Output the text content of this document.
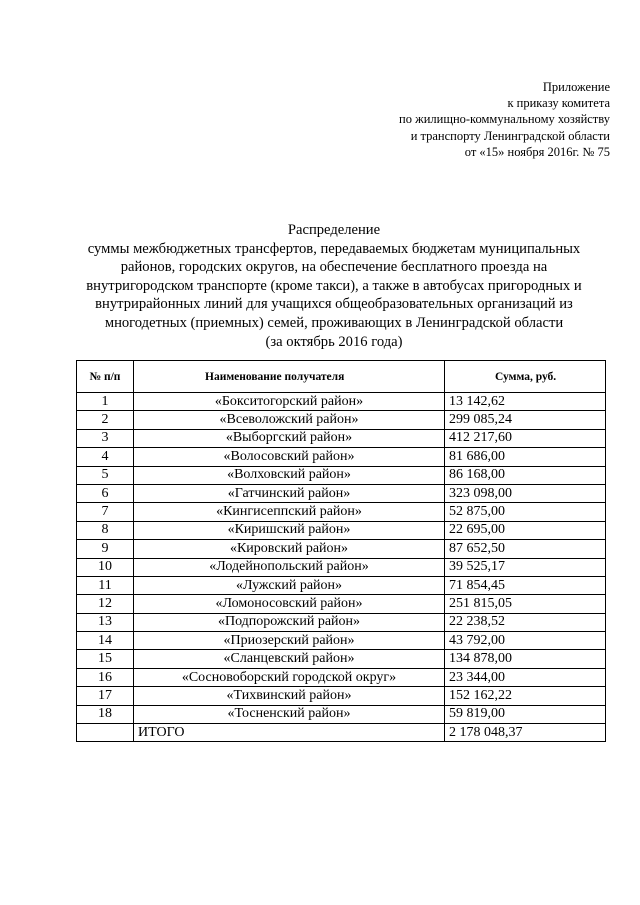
Приложение
к приказу комитета
по жилищно-коммунальному хозяйству
и транспорту Ленинградской области
от «15» ноября 2016г. № 75
Распределение
суммы межбюджетных трансфертов, передаваемых бюджетам муниципальных
районов, городских округов, на обеспечение бесплатного проезда на
внутригородском транспорте (кроме такси), а также в автобусах пригородных и
внутрирайонных линий для учащихся общеобразовательных организаций из
многодетных (приемных) семей, проживающих в Ленинградской области
(за октябрь 2016 года)
№ п/п	Наименование получателя	Сумма, руб.
1	«Бокситогорский район»	13 142,62
2	«Всеволожский район»	299 085,24
3	«Выборгский район»	412 217,60
4	«Волосовский район»	81 686,00
5	«Волховский район»	86 168,00
6	«Гатчинский район»	323 098,00
7	«Кингисеппский район»	52 875,00
8	«Киришский район»	22 695,00
9	«Кировский район»	87 652,50
10	«Лодейнопольский район»	39 525,17
11	«Лужский район»	71 854,45
12	«Ломоносовский район»	251 815,05
13	«Подпорожский район»	22 238,52
14	«Приозерский район»	43 792,00
15	«Сланцевский район»	134 878,00
16	«Сосновоборский городской округ»	23 344,00
17	«Тихвинский район»	152 162,22
18	«Тосненский район»	59 819,00
	ИТОГО	2 178 048,37
